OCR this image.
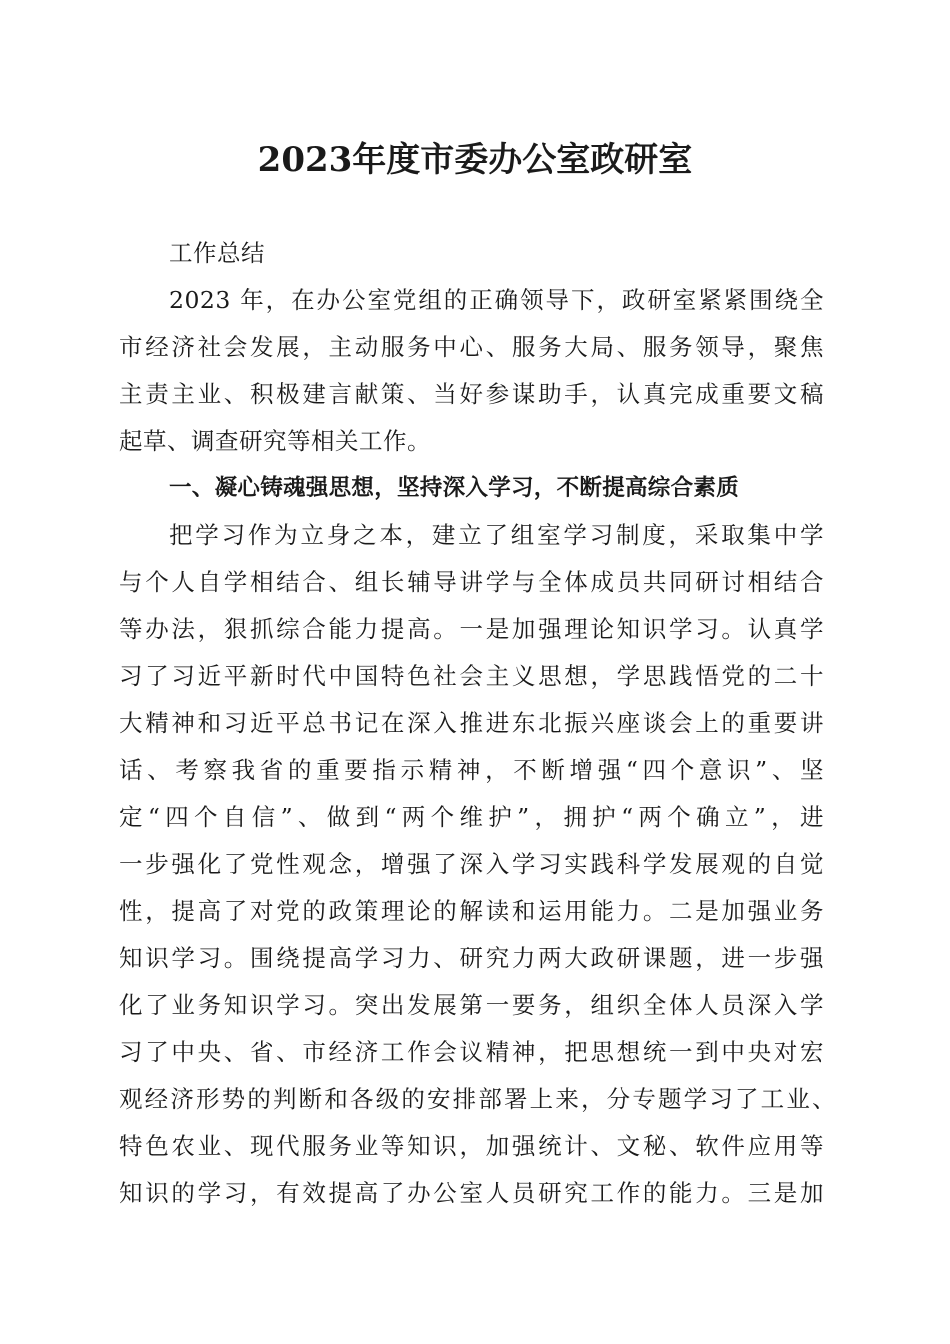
2023年度市委办公室政研室
工作总结
2023 年，在办公室党组的正确领导下，政研室紧紧围绕全
市经济社会发展，主动服务中心、服务大局、服务领导，聚焦
主责主业、积极建言献策、当好参谋助手，认真完成重要文稿
起草、调查研究等相关工作。
一、凝心铸魂强思想，坚持深入学习，不断提高综合素质
把学习作为立身之本，建立了组室学习制度，采取集中学
与个人自学相结合、组长辅导讲学与全体成员共同研讨相结合
等办法，狠抓综合能力提高。一是加强理论知识学习。认真学
习了习近平新时代中国特色社会主义思想，学思践悟党的二十
大精神和习近平总书记在深入推进东北振兴座谈会上的重要讲
话、考察我省的重要指示精神，不断增强“四个意识”、坚
定“四个自信”、做到“两个维护”，拥护“两个确立”，进
一步强化了党性观念，增强了深入学习实践科学发展观的自觉
性，提高了对党的政策理论的解读和运用能力。二是加强业务
知识学习。围绕提高学习力、研究力两大政研课题，进一步强
化了业务知识学习。突出发展第一要务，组织全体人员深入学
习了中央、省、市经济工作会议精神，把思想统一到中央对宏
观经济形势的判断和各级的安排部署上来，分专题学习了工业、
特色农业、现代服务业等知识，加强统计、文秘、软件应用等
知识的学习，有效提高了办公室人员研究工作的能力。三是加
